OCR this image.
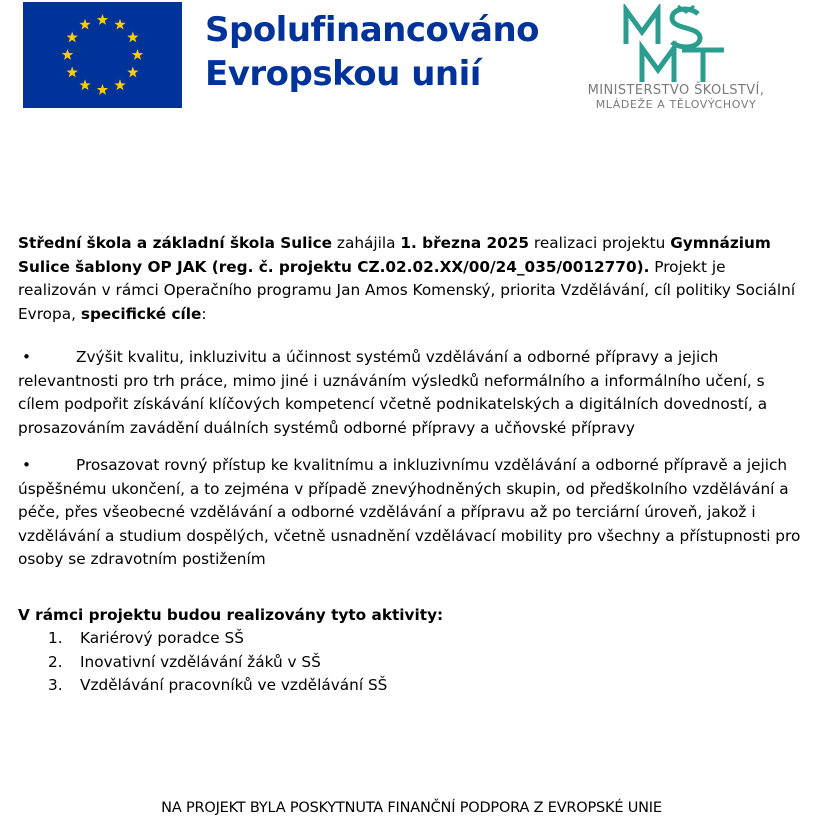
Spolufinancováno
Evropskou unií	MINISTERSTVO ŠKOLSTVÍ,
MLÁDEŽE A TĚLOVÝCHOVY

Střední škola a základní škola Sulice zahájila 1. března 2025 realizaci projektu Gymnázium Sulice šablony OP JAK (reg. č. projektu CZ.02.02.XX/00/24_035/0012770). Projekt je realizován v rámci Operačního programu Jan Amos Komenský, priorita Vzdělávání, cíl politiky Sociální Evropa, specifické cíle:

•	Zvýšit kvalitu, inkluzivitu a účinnost systémů vzdělávání a odborné přípravy a jejich relevantnosti pro trh práce, mimo jiné i uznáváním výsledků neformálního a informálního učení, s cílem podpořit získávání klíčových kompetencí včetně podnikatelských a digitálních dovedností, a prosazováním zavádění duálních systémů odborné přípravy a učňovské přípravy

•	Prosazovat rovný přístup ke kvalitnímu a inkluzivnímu vzdělávání a odborné přípravě a jejich úspěšnému ukončení, a to zejména v případě znevýhodněných skupin, od předškolního vzdělávání a péče, přes všeobecné vzdělávání a odborné vzdělávání a přípravu až po terciární úroveň, jakož i vzdělávání a studium dospělých, včetně usnadnění vzdělávací mobility pro všechny a přístupnosti pro osoby se zdravotním postižením

V rámci projektu budou realizovány tyto aktivity:

1. Kariérový poradce SŠ
2. Inovativní vzdělávání žáků v SŠ
3. Vzdělávání pracovníků ve vzdělávání SŠ
NA PROJEKT BYLA POSKYTNUTA FINANČNÍ PODPORA Z EVROPSKÉ UNIE
